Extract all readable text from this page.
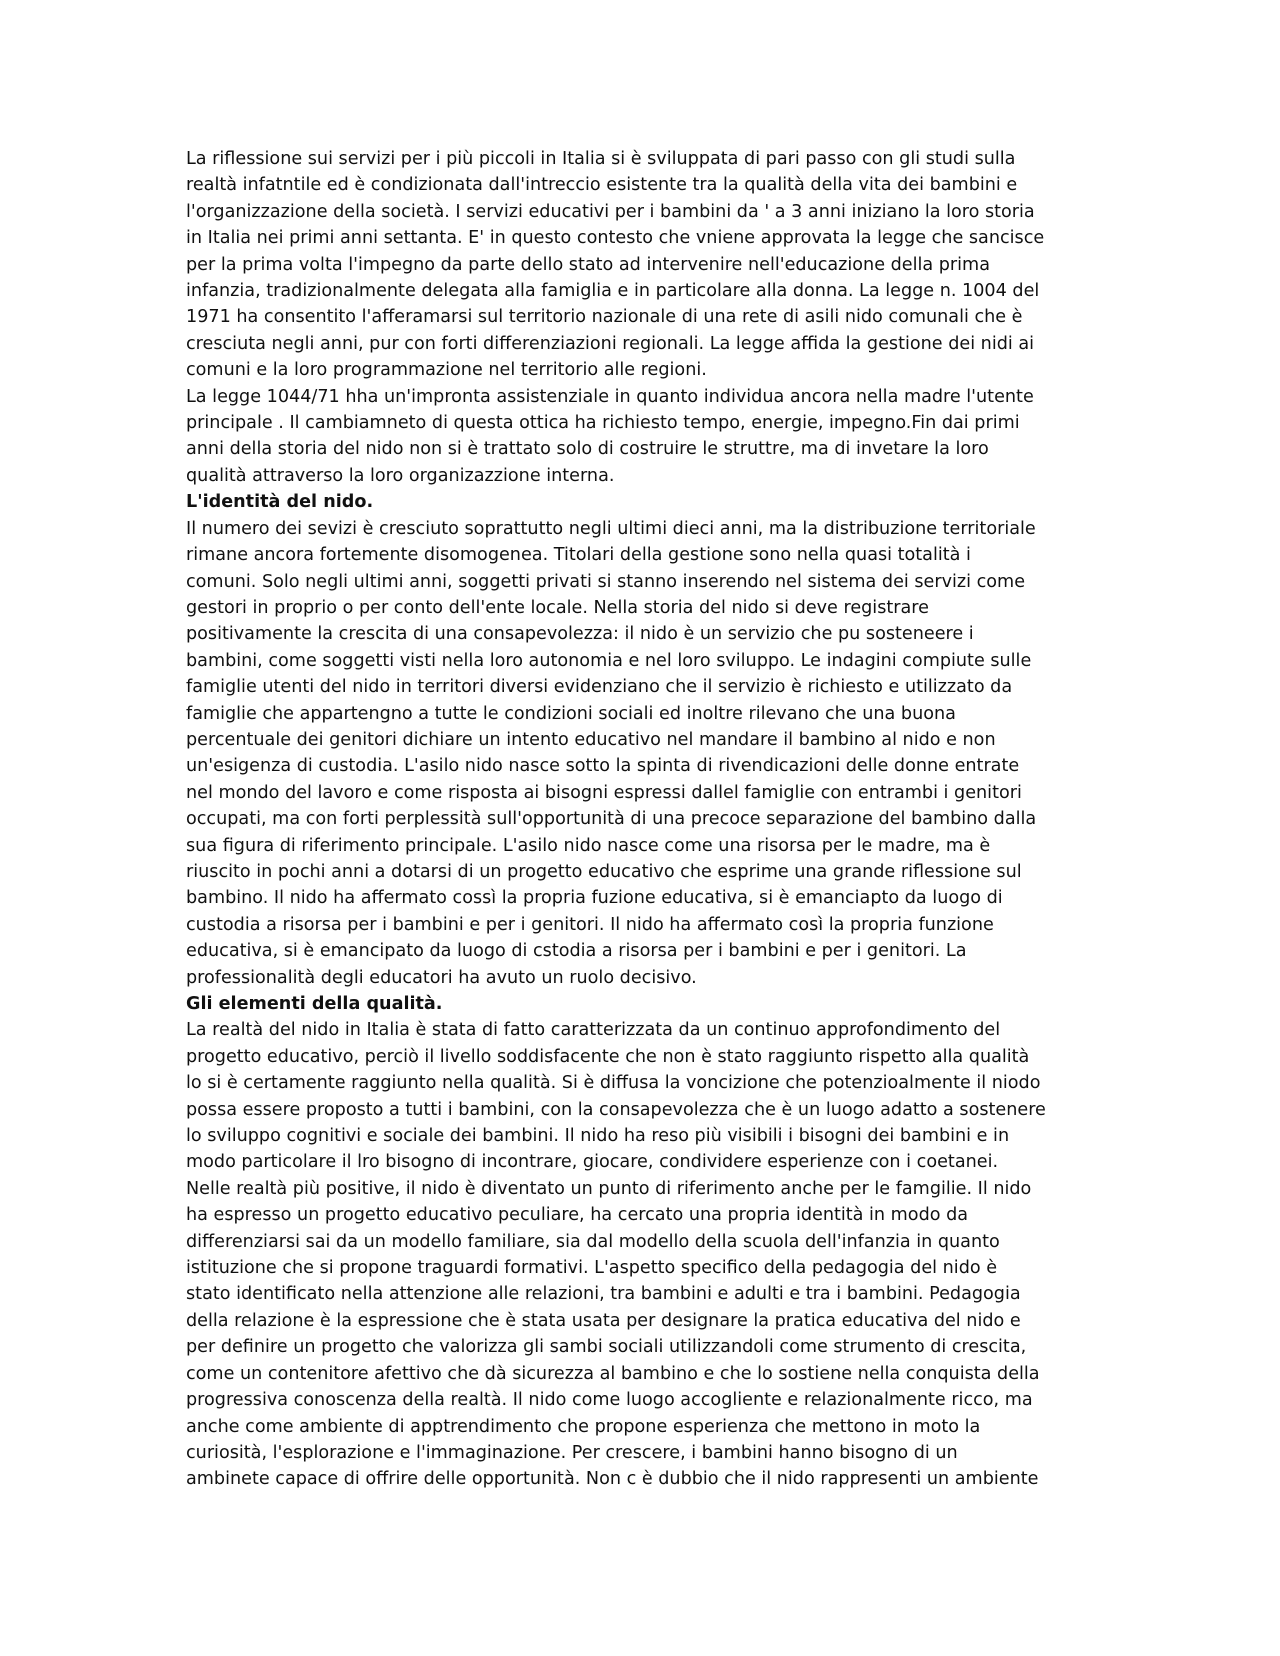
La riflessione sui servizi per i più piccoli in Italia si è sviluppata di pari passo con gli studi sulla

realtà infatntile ed è condizionata dall'intreccio esistente tra la qualità della vita dei bambini e

l'organizzazione della società. I servizi educativi per i bambini da ' a 3 anni iniziano la loro storia

in Italia nei primi anni settanta. E' in questo contesto che vniene approvata la legge che sancisce

per la prima volta l'impegno da parte dello stato ad intervenire nell'educazione della prima

infanzia, tradizionalmente delegata alla famiglia e in particolare alla donna. La legge n. 1004 del

1971 ha consentito l'afferamarsi sul territorio nazionale di una rete di asili nido comunali che è

cresciuta negli anni, pur con forti differenziazioni regionali. La legge affida la gestione dei nidi ai

comuni e la loro programmazione nel territorio alle regioni.

La legge 1044/71 hha un'impronta assistenziale in quanto individua ancora nella madre l'utente

principale . Il cambiamneto di questa ottica ha richiesto tempo, energie, impegno.Fin dai primi

anni della storia del nido non si è trattato solo di costruire le struttre, ma di invetare la loro

qualità attraverso la loro organizazzione interna.

L'identità del nido.

Il numero dei sevizi è cresciuto soprattutto negli ultimi dieci anni, ma la distribuzione territoriale

rimane ancora fortemente disomogenea. Titolari della gestione sono nella quasi totalità i

comuni. Solo negli ultimi anni, soggetti privati si stanno inserendo nel sistema dei servizi come

gestori in proprio o per conto dell'ente locale. Nella storia del nido si deve registrare

positivamente la crescita di una consapevolezza: il nido è un servizio che pu sosteneere i

bambini, come soggetti visti nella loro autonomia e nel loro sviluppo. Le indagini compiute sulle

famiglie utenti del nido in territori diversi evidenziano che il servizio è richiesto e utilizzato da

famiglie che appartengno a tutte le condizioni sociali ed inoltre rilevano che una buona

percentuale dei genitori dichiare un intento educativo nel mandare il bambino al nido e non

un'esigenza di custodia. L'asilo nido nasce sotto la spinta di rivendicazioni delle donne entrate

nel mondo del lavoro e come risposta ai bisogni espressi dallel famiglie con entrambi i genitori

occupati, ma con forti perplessità sull'opportunità di una precoce separazione del bambino dalla

sua figura di riferimento principale. L'asilo nido nasce come una risorsa per le madre, ma è

riuscito in pochi anni a dotarsi di un progetto educativo che esprime una grande riflessione sul

bambino. Il nido ha affermato cossì la propria fuzione educativa, si è emanciapto da luogo di

custodia a risorsa per i bambini e per i genitori. Il nido ha affermato così la propria funzione

educativa, si è emancipato da luogo di cstodia a risorsa per i bambini e per i genitori. La

professionalità degli educatori ha avuto un ruolo decisivo.

Gli elementi della qualità.

La realtà del nido in Italia è stata di fatto caratterizzata da un continuo approfondimento del

progetto educativo, perciò il livello soddisfacente che non è stato raggiunto rispetto alla qualità

lo si è certamente raggiunto nella qualità. Si è diffusa la voncizione che potenzioalmente il niodo

possa essere proposto a tutti i bambini, con la consapevolezza che è un luogo adatto a sostenere

lo sviluppo cognitivi e sociale dei bambini. Il nido ha reso più visibili i bisogni dei bambini e in

modo particolare il lro bisogno di incontrare, giocare, condividere esperienze con i coetanei.

Nelle realtà più positive, il nido è diventato un punto di riferimento anche per le famgilie. Il nido

ha espresso un progetto educativo peculiare, ha cercato una propria identità in modo da

differenziarsi sai da un modello familiare, sia dal modello della scuola dell'infanzia in quanto

istituzione che si propone traguardi formativi. L'aspetto specifico della pedagogia del nido è

stato identificato nella attenzione alle relazioni, tra bambini e adulti e tra i bambini. Pedagogia

della relazione è la espressione che è stata usata per designare la pratica educativa del nido e

per definire un progetto che valorizza gli sambi sociali utilizzandoli come strumento di crescita,

come un contenitore afettivo che dà sicurezza al bambino e che lo sostiene nella conquista della

progressiva conoscenza della realtà. Il nido come luogo accogliente e relazionalmente ricco, ma

anche come ambiente di apptrendimento che propone esperienza che mettono in moto la

curiosità, l'esplorazione e l'immaginazione. Per crescere, i bambini hanno bisogno di un

ambinete capace di offrire delle opportunità. Non c è dubbio che il nido rappresenti un ambiente
